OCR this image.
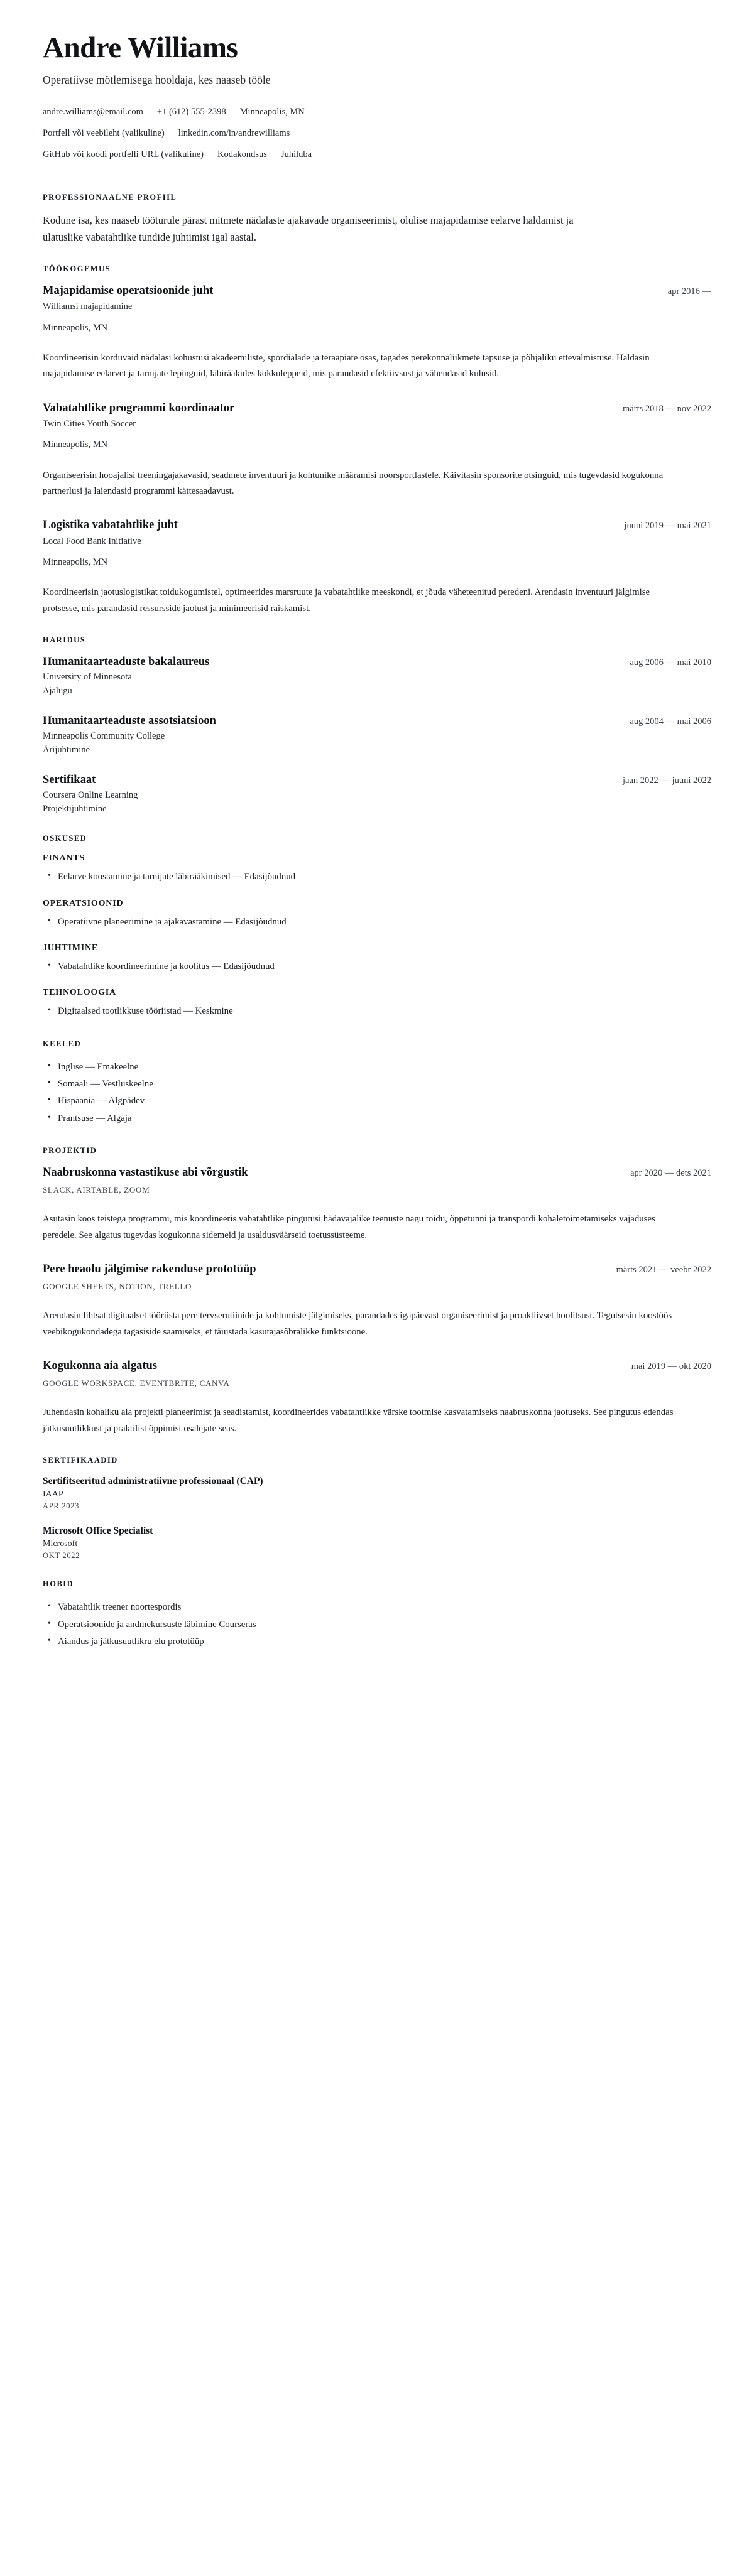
Andre Williams

Operatiivse mõtlemisega hooldaja, kes naaseb tööle

andre.williams@email.com +1 (612) 555-2398 Minneapolis, MN
Portfell või veebileht (valikuline) linkedin.com/in/andrewilliams
GitHub või koodi portfelli URL (valikuline) Kodakondsus Juhiluba
PROFESSIONAALNE PROFIIL

Kodune isa, kes naaseb tööturule pärast mitmete nädalaste ajakavade organiseerimist, olulise majapidamise eelarve haldamist ja ulatuslike vabatahtlike tundide juhtimist igal aastal.

TÖÖKOGEMUS
Majapidamise operatsioonide juht	apr 2016 —
Williamsi majapidamine
Minneapolis, MN
Koordineerisin korduvaid nädalasi kohustusi akadeemiliste, spordialade ja teraapiate osas, tagades perekonnaliikmete täpsuse ja põhjaliku ettevalmistuse. Haldasin majapidamise eelarvet ja tarnijate lepinguid, läbirääkides kokkuleppeid, mis parandasid efektiivsust ja vähendasid kulusid.
Vabatahtlike programmi koordinaator	märts 2018 — nov 2022
Twin Cities Youth Soccer
Minneapolis, MN
Organiseerisin hooajalisi treeningajakavasid, seadmete inventuuri ja kohtunike määramisi noorsportlastele. Käivitasin sponsorite otsinguid, mis tugevdasid kogukonna partnerlusi ja laiendasid programmi kättesaadavust.
Logistika vabatahtlike juht	juuni 2019 — mai 2021
Local Food Bank Initiative
Minneapolis, MN
Koordineerisin jaotuslogistikat toidukogumistel, optimeerides marsruute ja vabatahtlike meeskondi, et jõuda väheteenitud peredeni. Arendasin inventuuri jälgimise protsesse, mis parandasid ressursside jaotust ja minimeerisid raiskamist.
HARIDUS
Humanitaarteaduste bakalaureus	aug 2006 — mai 2010
University of Minnesota
Ajalugu
Humanitaarteaduste assotsiatsioon	aug 2004 — mai 2006
Minneapolis Community College
Ärijuhtimine
Sertifikaat	jaan 2022 — juuni 2022
Coursera Online Learning
Projektijuhtimine
OSKUSED
FINANTS
• Eelarve koostamine ja tarnijate läbirääkimised — Edasijõudnud
OPERATSIOONID
• Operatiivne planeerimine ja ajakavastamine — Edasijõudnud
JUHTIMINE
• Vabatahtlike koordineerimine ja koolitus — Edasijõudnud
TEHNOLOOGIA
• Digitaalsed tootlikkuse tööriistad — Keskmine
KEELED
• Inglise — Emakeelne
• Somaali — Vestluskeelne
• Hispaania — Algpädev
• Prantsuse — Algaja
PROJEKTID
Naabruskonna vastastikuse abi võrgustik	apr 2020 — dets 2021
SLACK, AIRTABLE, ZOOM
Asutasin koos teistega programmi, mis koordineeris vabatahtlike pingutusi hädavajalike teenuste nagu toidu, õppetunni ja transpordi kohaletoimetamiseks vajaduses peredele. See algatus tugevdas kogukonna sidemeid ja usaldusväärseid toetussüsteeme.
Pere heaolu jälgimise rakenduse prototüüp	märts 2021 — veebr 2022
GOOGLE SHEETS, NOTION, TRELLO
Arendasin lihtsat digitaalset tööriista pere tervserutiinide ja kohtumiste jälgimiseks, parandades igapäevast organiseerimist ja proaktiivset hoolitsust. Tegutsesin koostöös veebikogukondadega tagasiside saamiseks, et täiustada kasutajasõbralikke funktsioone.
Kogukonna aia algatus	mai 2019 — okt 2020
GOOGLE WORKSPACE, EVENTBRITE, CANVA
Juhendasin kohaliku aia projekti planeerimist ja seadistamist, koordineerides vabatahtlikke värske tootmise kasvatamiseks naabruskonna jaotuseks. See pingutus edendas jätkusuutlikkust ja praktilist õppimist osalejate seas.
SERTIFIKAADID
Sertifitseeritud administratiivne professionaal (CAP)
IAAP
APR 2023
Microsoft Office Specialist
Microsoft
OKT 2022
HOBID
• Vabatahtlik treener noortespordis
• Operatsioonide ja andmekursuste läbimine Courseras
• Aiandus ja jätkusuutlikru elu prototüüp
